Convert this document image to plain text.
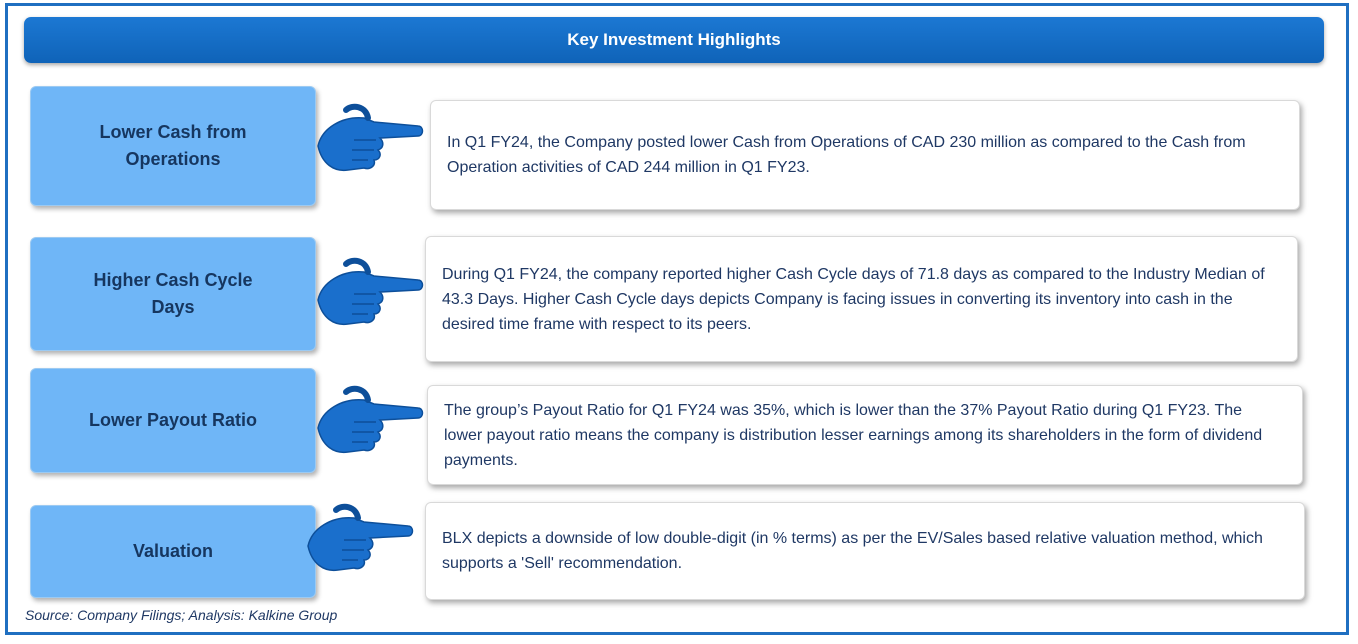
Key Investment Highlights
Lower Cash from Operations
In Q1 FY24, the Company posted lower Cash from Operations of CAD 230 million as compared to the Cash from Operation activities of CAD 244 million in Q1 FY23.
Higher Cash Cycle Days
During Q1 FY24, the company reported higher Cash Cycle days of 71.8 days as compared to the Industry Median of 43.3 Days. Higher Cash Cycle days depicts Company is facing issues in converting its inventory into cash in the desired time frame with respect to its peers.
Lower Payout Ratio	The group’s Payout Ratio for Q1 FY24 was 35%, which is lower than the 37% Payout Ratio during Q1 FY23. The lower payout ratio means the company is distribution lesser earnings among its shareholders in the form of dividend payments.
Valuation
BLX depicts a downside of low double-digit (in % terms) as per the EV/Sales based relative valuation method, which supports a 'Sell' recommendation.
Source: Company Filings; Analysis: Kalkine Group
